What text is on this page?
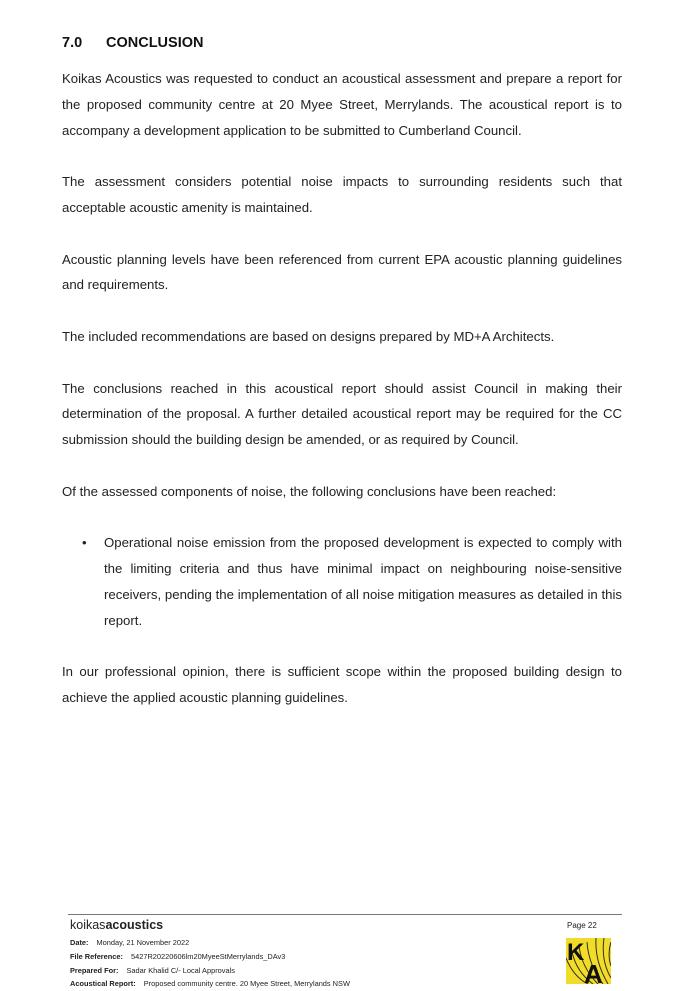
7.0 CONCLUSION

Koikas Acoustics was requested to conduct an acoustical assessment and prepare a report for the proposed community centre at 20 Myee Street, Merrylands. The acoustical report is to accompany a development application to be submitted to Cumberland Council.

The assessment considers potential noise impacts to surrounding residents such that acceptable acoustic amenity is maintained.

Acoustic planning levels have been referenced from current EPA acoustic planning guidelines and requirements.

The included recommendations are based on designs prepared by MD+A Architects.

The conclusions reached in this acoustical report should assist Council in making their determination of the proposal. A further detailed acoustical report may be required for the CC submission should the building design be amended, or as required by Council.

Of the assessed components of noise, the following conclusions have been reached:

• Operational noise emission from the proposed development is expected to comply with the limiting criteria and thus have minimal impact on neighbouring noise-sensitive receivers, pending the implementation of all noise mitigation measures as detailed in this report.

In our professional opinion, there is sufficient scope within the proposed building design to achieve the applied acoustic planning guidelines.

koikasacoustics
Date: Monday, 21 November 2022
File Reference: 5427R20220606lm20MyeeStMerrylands_DAv3
Prepared For: Sadar Khalid C/- Local Approvals
Acoustical Report: Proposed community centre. 20 Myee Street, Merrylands NSW
Page 22
K
A
